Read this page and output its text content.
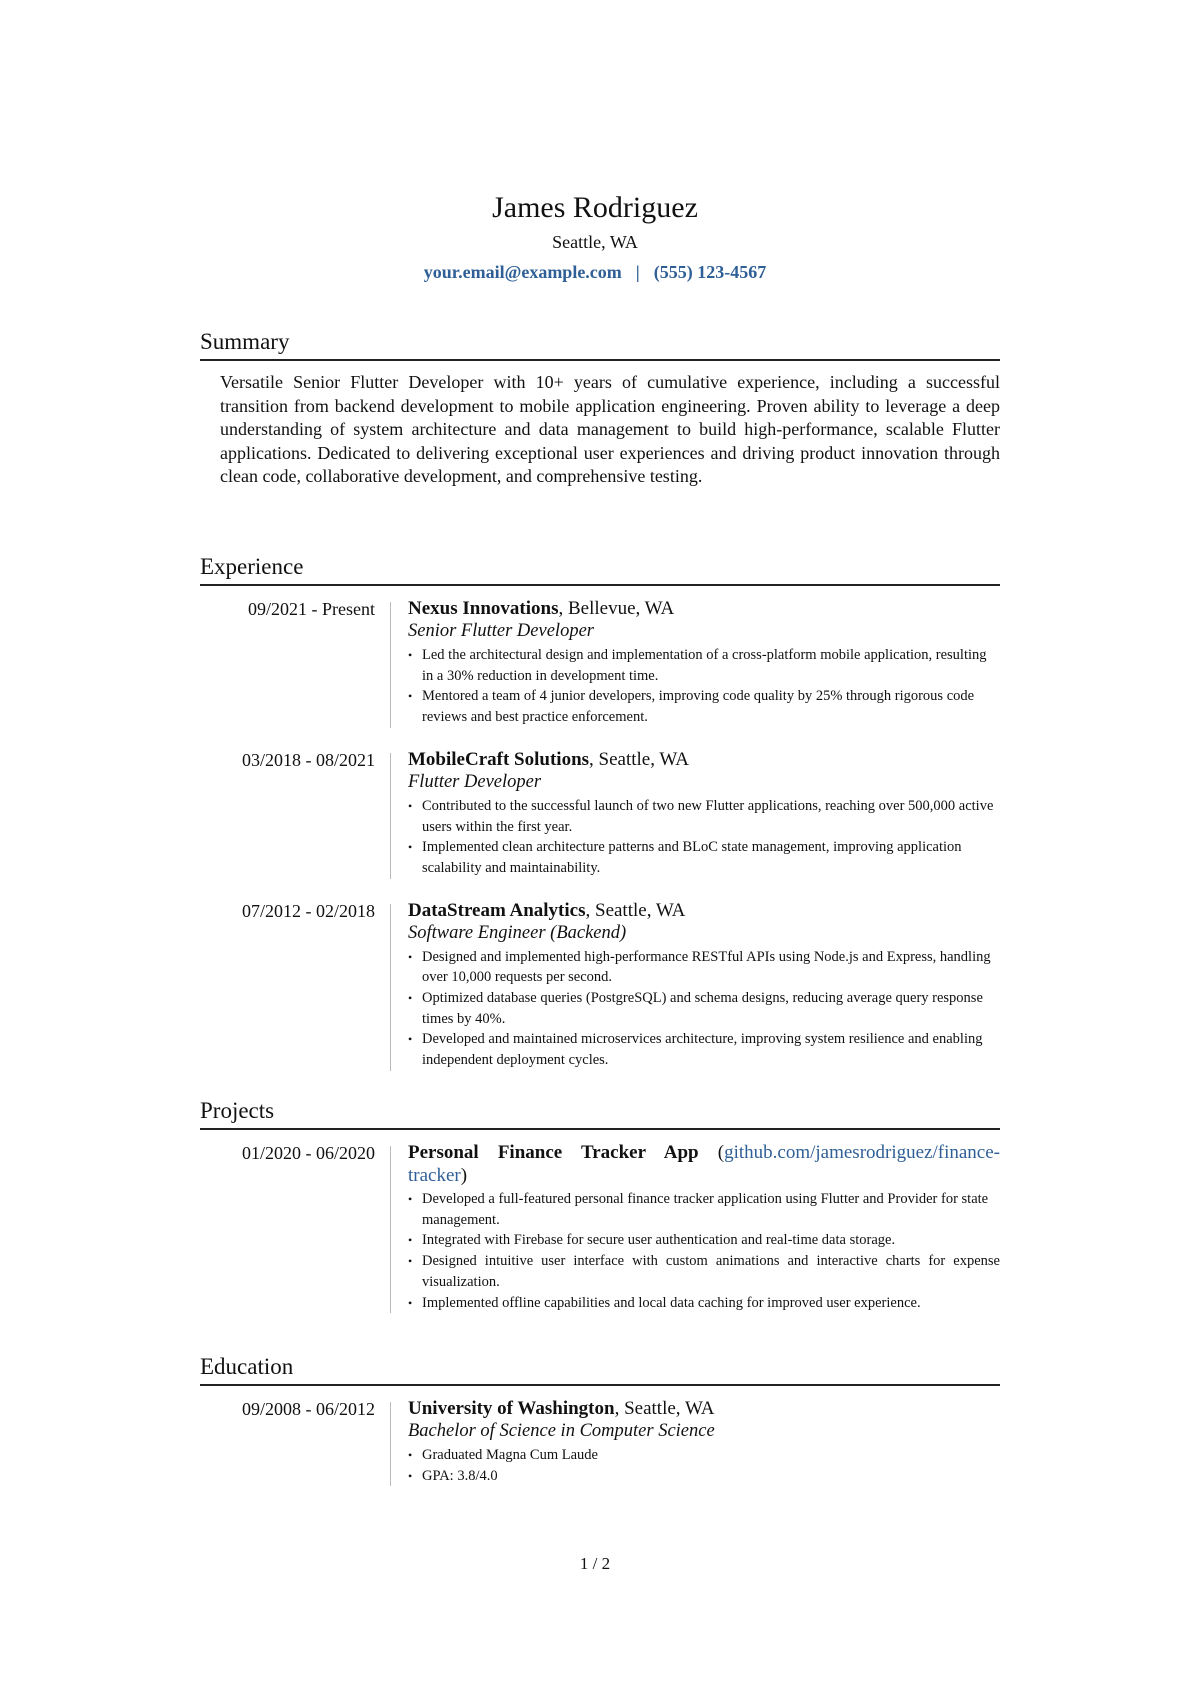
James Rodriguez
Seattle, WA
your.email@example.com | (555) 123-4567
Summary

Versatile Senior Flutter Developer with 10+ years of cumulative experience, including a successful transition from backend development to mobile application engineering. Proven ability to leverage a deep understanding of system architecture and data management to build high-performance, scalable Flutter applications. Dedicated to delivering exceptional user experiences and driving product innovation through clean code, collaborative development, and comprehensive testing.

Experience
09/2021 - Present Nexus Innovations, Bellevue, WA
Senior Flutter Developer
• Led the architectural design and implementation of a cross-platform mobile application, resulting in a 30% reduction in development time.
• Mentored a team of 4 junior developers, improving code quality by 25% through rigorous code reviews and best practice enforcement.
03/2018 - 08/2021 MobileCraft Solutions, Seattle, WA
Flutter Developer
• Contributed to the successful launch of two new Flutter applications, reaching over 500,000 active users within the first year.
• Implemented clean architecture patterns and BLoC state management, improving application scalability and maintainability.
07/2012 - 02/2018 DataStream Analytics, Seattle, WA
Software Engineer (Backend)
• Designed and implemented high-performance RESTful APIs using Node.js and Express, handling over 10,000 requests per second.
• Optimized database queries (PostgreSQL) and schema designs, reducing average query response times by 40%.
• Developed and maintained microservices architecture, improving system resilience and enabling independent deployment cycles.
Projects
01/2020 - 06/2020 Personal Finance Tracker App (github.com/jamesrodriguez/finance-tracker)
• Developed a full-featured personal finance tracker application using Flutter and Provider for state management.
• Integrated with Firebase for secure user authentication and real-time data storage.
• Designed intuitive user interface with custom animations and interactive charts for expense visualization.
• Implemented offline capabilities and local data caching for improved user experience.
Education
09/2008 - 06/2012 University of Washington, Seattle, WA
Bachelor of Science in Computer Science
• Graduated Magna Cum Laude
• GPA: 3.8/4.0
1 / 2
